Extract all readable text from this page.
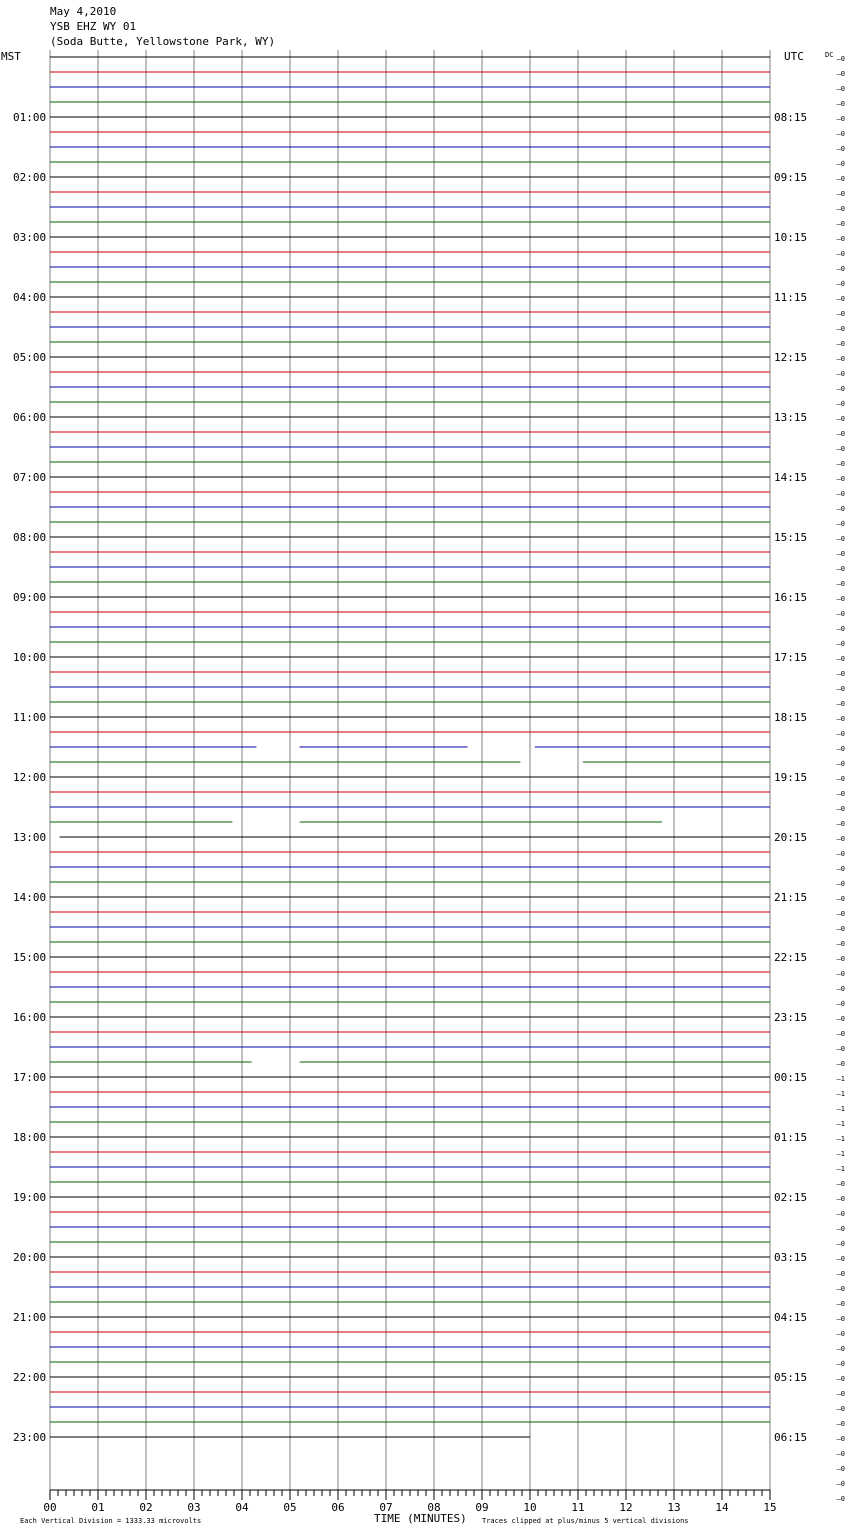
May 4,2010
YSB EHZ WY 01
(Soda Butte, Yellowstone Park, WY)
MST	UTC	DC
01:00
02:00
03:00
04:00
05:00
06:00
07:00
08:00
09:00
10:00
11:00
12:00
13:00
14:00
15:00
16:00
17:00
18:00
19:00
20:00
21:00
22:00
23:00
08:15
09:15
10:15
11:15
12:15
13:15
14:15
15:15
16:15
17:15
18:15
19:15
20:15
21:15
22:15
23:15
00:15
01:15
02:15
03:15
04:15
05:15
06:15
–0
–0
–0
–0
–0
–0
–0
–0
–0
–0
–0
–0
–0
–0
–0
–0
–0
–0
–0
–0
–0
–0
–0
–0
–0
–0
–0
–0
–0
–0
–0
–0
–0
–0
–0
–0
–0
–0
–0
–0
–0
–0
–0
–0
–0
–0
–0
–0
–0
–0
–0
–0
–0
–0
–0
–0
–0
–0
–0
–0
–0
–0
–0
–0
–0
–0
–0
–0
–1
–1
–1
–1
–1
–1
–1
–0
–0
–0
–0
–0
–0
–0
–0
–0
–0
–0
–0
–0
–0
–0
–0
–0
–0
–0
–0
–0
–0
00	01	02	03	04	05	06	07	08	09	10	11	12	13	14	15
TIME (MINUTES)
Each Vertical Division = 1333.33 microvolts	Traces clipped at plus/minus 5 vertical divisions
